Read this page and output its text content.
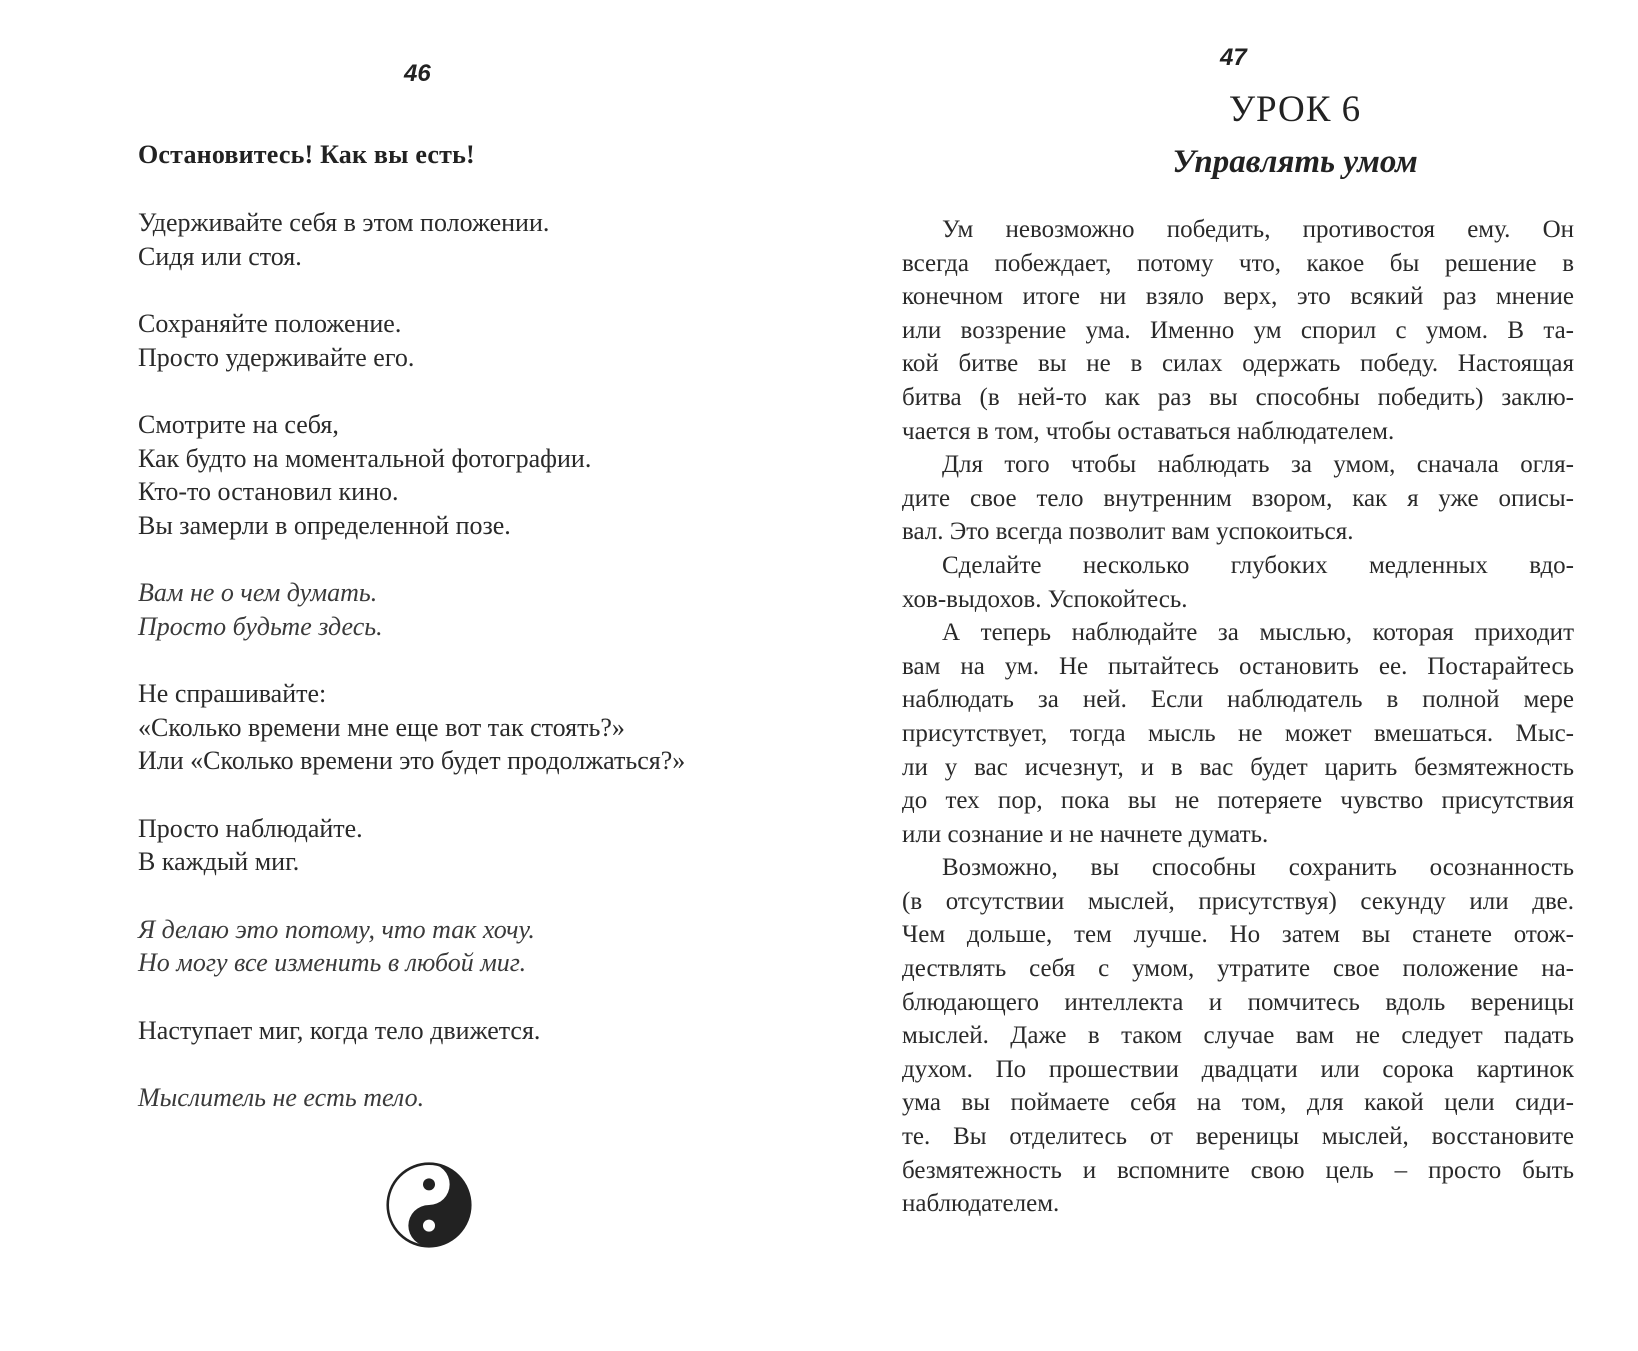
46
Остановитесь! Как вы есть!
Удерживайте себя в этом положении.
Сидя или стоя.
Сохраняйте положение.
Просто удерживайте его.
Смотрите на себя,
Как будто на моментальной фотографии.
Кто-то остановил кино.
Вы замерли в определенной позе.
Вам не о чем думать.
Просто будьте здесь.
Не спрашивайте:
«Сколько времени мне еще вот так стоять?»
Или «Сколько времени это будет продолжаться?»
Просто наблюдайте.
В каждый миг.
Я делаю это потому, что так хочу.
Но могу все изменить в любой миг.
Наступает миг, когда тело движется.
Мыслитель не есть тело.
47
УРОК 6
Управлять умом
Ум невозможно победить, противостоя ему. Он
всегда побеждает, потому что, какое бы решение в
конечном итоге ни взяло верх, это всякий раз мнение
или воззрение ума. Именно ум спорил с умом. В та-
кой битве вы не в силах одержать победу. Настоящая
битва (в ней-то как раз вы способны победить) заклю-
чается в том, чтобы оставаться наблюдателем.
Для того чтобы наблюдать за умом, сначала огля-
дите свое тело внутренним взором, как я уже описы-
вал. Это всегда позволит вам успокоиться.
Сделайте несколько глубоких медленных вдо-
хов-выдохов. Успокойтесь.
А теперь наблюдайте за мыслью, которая приходит
вам на ум. Не пытайтесь остановить ее. Постарайтесь
наблюдать за ней. Если наблюдатель в полной мере
присутствует, тогда мысль не может вмешаться. Мыс-
ли у вас исчезнут, и в вас будет царить безмятежность
до тех пор, пока вы не потеряете чувство присутствия
или сознание и не начнете думать.
Возможно, вы способны сохранить осознанность
(в отсутствии мыслей, присутствуя) секунду или две.
Чем дольше, тем лучше. Но затем вы станете отож-
дествлять себя с умом, утратите свое положение на-
блюдающего интеллекта и помчитесь вдоль вереницы
мыслей. Даже в таком случае вам не следует падать
духом. По прошествии двадцати или сорока картинок
ума вы поймаете себя на том, для какой цели сиди-
те. Вы отделитесь от вереницы мыслей, восстановите
безмятежность и вспомните свою цель – просто быть
наблюдателем.
